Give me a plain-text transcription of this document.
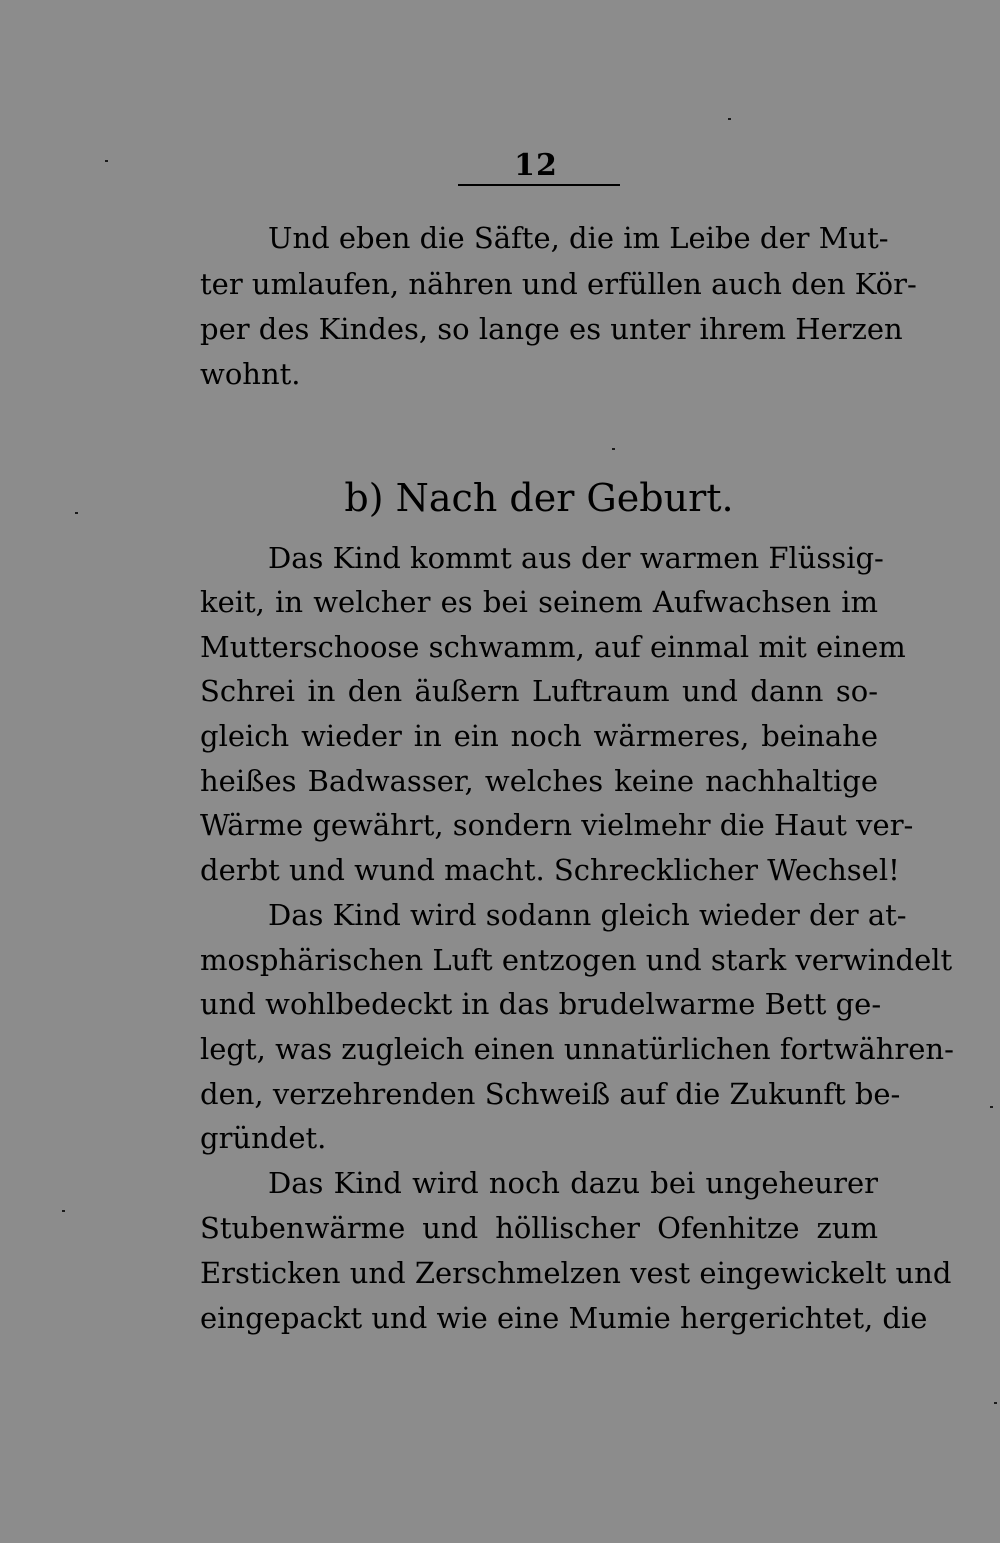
12
Und eben die Säfte, die im Leibe der Mut-
ter umlaufen, nähren und erfüllen auch den Kör-
per des Kindes, so lange es unter ihrem Herzen
wohnt.
b) Nach der Geburt.
Das Kind kommt aus der warmen Flüssig-
keit, in welcher es bei seinem Aufwachsen im
Mutterschoose schwamm, auf einmal mit einem
Schrei in den äußern Luftraum und dann so-
gleich wieder in ein noch wärmeres, beinahe
heißes Badwasser, welches keine nachhaltige
Wärme gewährt, sondern vielmehr die Haut ver-
derbt und wund macht. Schrecklicher Wechsel!
Das Kind wird sodann gleich wieder der at-
mosphärischen Luft entzogen und stark verwindelt
und wohlbedeckt in das brudelwarme Bett ge-
legt, was zugleich einen unnatürlichen fortwähren-
den, verzehrenden Schweiß auf die Zukunft be-
gründet.
Das Kind wird noch dazu bei ungeheurer
Stubenwärme und höllischer Ofenhitze zum
Ersticken und Zerschmelzen vest eingewickelt und
eingepackt und wie eine Mumie hergerichtet, die
